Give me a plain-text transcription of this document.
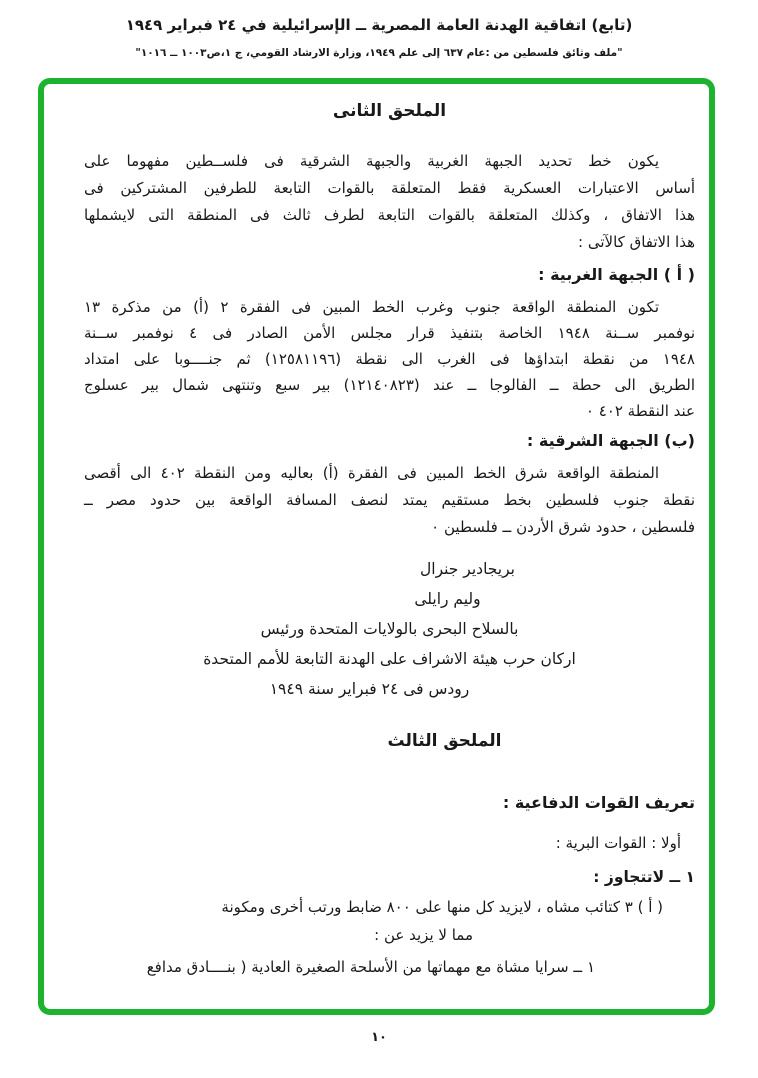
(تابع) اتفاقية الهدنة العامة المصرية ــ الإسرائيلية في ٢٤ فبراير ١٩٤٩
"ملف وثائق فلسطين من :عام ٦٣٧ إلى علم ١٩٤٩، وزارة الارشاد القومي، ج ١،ص١٠٠٣ ــ ١٠١٦"
الملحق الثانى
يكون خط تحديد الجبهة الغربية والجبهة الشرقية فى فلســطين مفهوما على
أساس الاعتبارات العسكرية فقط المتعلقة بالقوات التابعة للطرفين المشتركين فى
هذا الاتفاق ، وكذلك المتعلقة بالقوات التابعة لطرف ثالث فى المنطقة التى لايشملها
هذا الاتفاق كالآتى :
( أ ) الجبهة الغربية :
تكون المنطقة الواقعة جنوب وغرب الخط المبين فى الفقرة ٢ (أ) من مذكرة ١٣
نوفمبر ســنة ١٩٤٨ الخاصة بتنفيذ قرار مجلس الأمن الصادر فى ٤ نوفمبر ســنة
١٩٤٨ من نقطة ابتداؤها فى الغرب الى نقطة (١٢٥٨١١٩٦) ثم جنــــوبا على امتداد
الطريق الى حطة ــ الفالوجا ــ عند (١٢١٤٠٨٢٣) بير سبع وتنتهى شمال بير عسلوج
عند النقطة ٤٠٢ ٠
(ب) الجبهة الشرقية :
المنطقة الواقعة شرق الخط المبين فى الفقرة (أ) بعاليه ومن النقطة ٤٠٢ الى أقصى
نقطة جنوب فلسطين بخط مستقيم يمتد لنصف المسافة الواقعة بين حدود مصر ــ
فلسطين ، حدود شرق الأردن ــ فلسطين ٠
بريجادير جنرال
وليم رايلى
بالسلاح البحرى بالولايات المتحدة ورئيس
اركان حرب هيئة الاشراف على الهدنة التابعة للأمم المتحدة
رودس فى ٢٤ فبراير سنة ١٩٤٩
الملحق الثالث
تعريف القوات الدفاعية :
أولا : القوات البرية :
١ ــ لاتتجاوز :
( أ ) ٣ كتائب مشاه ، لايزيد كل منها على ٨٠٠ ضابط ورتب أخرى ومكونة
مما لا يزيد عن :
١ ــ سرايا مشاة مع مهماتها من الأسلحة الصغيرة العادية ( بنــــادق مدافع
١٠
